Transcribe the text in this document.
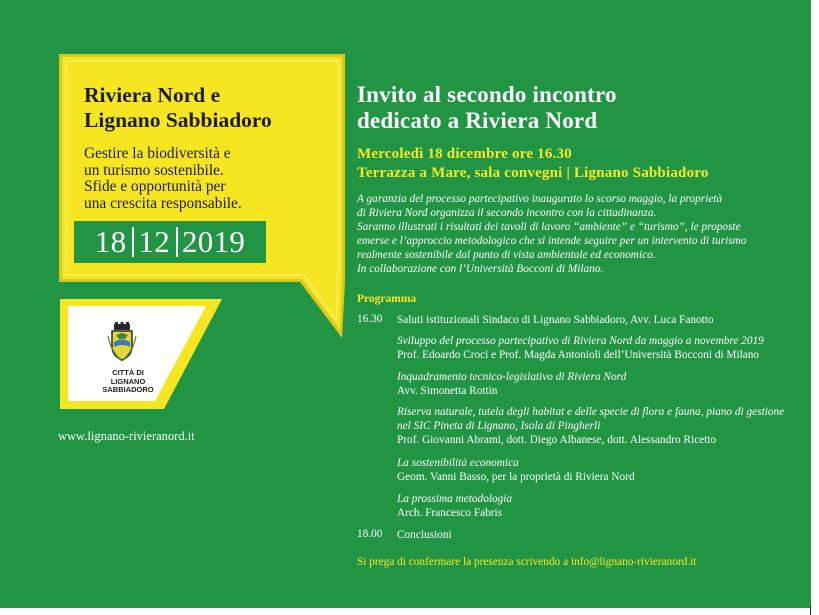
Riviera Nord e
Lignano Sabbiadoro

Gestire la biodiversità e
un turismo sostenibile.
Sfide e opportunità per
una crescita responsabile.

18 12 2019
CITTÀ DI
LIGNANO SABBIADORO
www.lignano-rivieranord.it
Invito al secondo incontro
dedicato a Riviera Nord

Mercoledì 18 dicembre ore 16.30
Terrazza a Mare, sala convegni | Lignano Sabbiadoro

A garanzia del processo partecipativo inaugurato lo scorso maggio, la proprietà
di Riviera Nord organizza il secondo incontro con la cittadinanza.
Saranno illustrati i risultati dei tavoli di lavoro “ambiente” e “turismo”, le proposte
emerse e l’approccio metodologico che si intende seguire per un intervento di turismo
realmente sostenibile dal punto di vista ambientale ed economico.
In collaborazione con l’Università Bocconi di Milano.

Programma

16.30 Saluti istituzionali Sindaco di Lignano Sabbiadoro, Avv. Luca Fanotto
Sviluppo del processo partecipativo di Riviera Nord da maggio a novembre 2019
Prof. Edoardo Croci e Prof. Magda Antonioli dell’Università Bocconi di Milano
Inquadramento tecnico-legislativo di Riviera Nord
Avv. Simonetta Rottin
Riserva naturale, tutela degli habitat e delle specie di flora e fauna, piano di gestione
nel SIC Pineta di Lignano, Isola di Pingherli
Prof. Giovanni Abrami, dott. Diego Albanese, dott. Alessandro Ricetto
La sostenibilità economica
Geom. Vanni Basso, per la proprietà di Riviera Nord
La prossima metodologia
Arch. Francesco Fabris
18.00 Conclusioni
Si prega di confermare la presenza scrivendo a info@lignano-rivieranord.it
